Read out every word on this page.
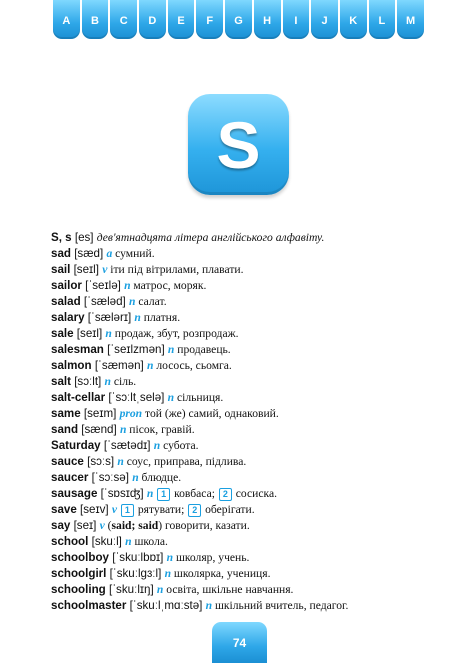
A	B	C	D	E	F	G	H	I	J	K	L	M
S
S, s [es] дев'ятнадцята літера англійського алфавіту.
sad [sæd] a сумний.
sail [seɪl] v іти під вітрилами, плавати.
sailor [ˈseɪlə] n матрос, моряк.
salad [ˈsæləd] n салат.
salary [ˈsælərɪ] n платня.
sale [seɪl] n продаж, збут, розпродаж.
salesman [ˈseɪlzmən] n продавець.
salmon [ˈsæmən] n лосось, сьомга.
salt [sɔːlt] n сіль.
salt-cellar [ˈsɔːltˌselə] n сільниця.
same [seɪm] pron той (же) самий, однаковий.
sand [sænd] n пісок, гравій.
Saturday [ˈsætədɪ] n субота.
sauce [sɔːs] n соус, приправа, підлива.
saucer [ˈsɔːsə] n блюдце.
sausage [ˈsɒsɪʤ] n 1 ковбаса; 2 сосиска.
save [seɪv] v 1 рятувати; 2 оберігати.
say [seɪ] v (said; said) говорити, казати.
school [skuːl] n школа.
schoolboy [ˈskuːlbɒɪ] n школяр, учень.
schoolgirl [ˈskuːlgɜːl] n школярка, учениця.
schooling [ˈskuːlɪŋ] n освіта, шкільне навчання.
schoolmaster [ˈskuːlˌmɑːstə] n шкільний вчитель, педагог.
74
